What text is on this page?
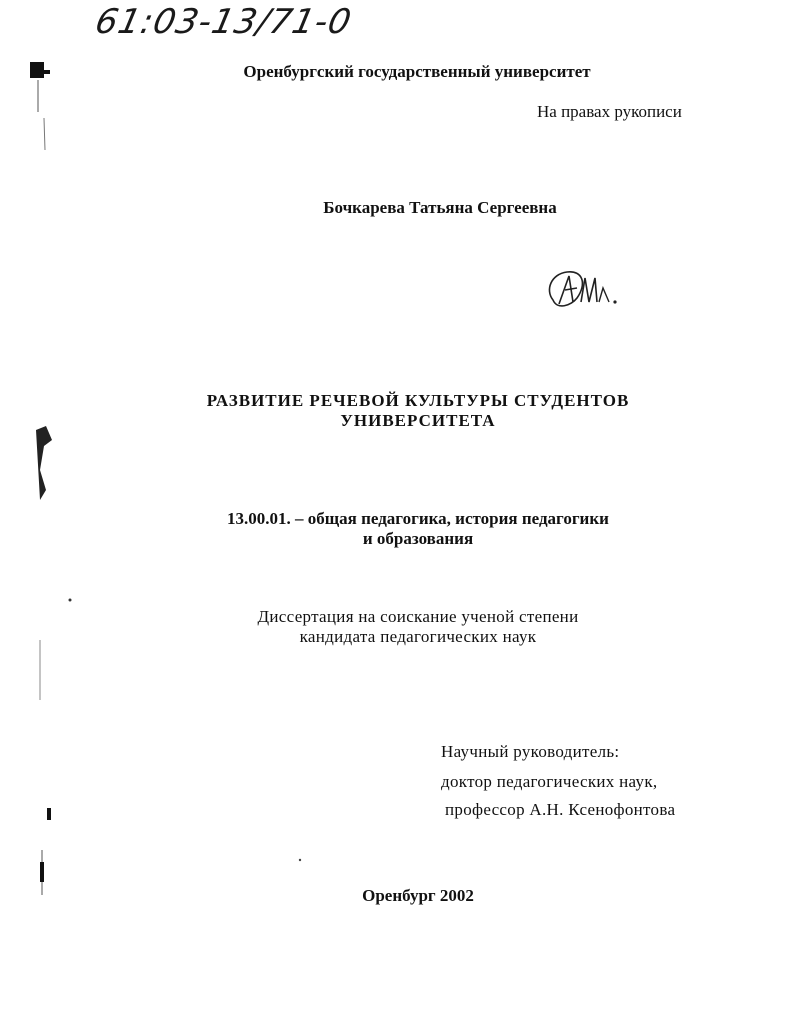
61:03-13/71-0
Оренбургский государственный университет
На правах рукописи
Бочкарева Татьяна Сергеевна
РАЗВИТИЕ РЕЧЕВОЙ КУЛЬТУРЫ СТУДЕНТОВ
УНИВЕРСИТЕТА
13.00.01. – общая педагогика, история педагогики
и образования
Диссертация на соискание ученой степени
кандидата педагогических наук
Научный руководитель:
доктор педагогических наук,
профессор А.Н. Ксенофонтова
Оренбург 2002
